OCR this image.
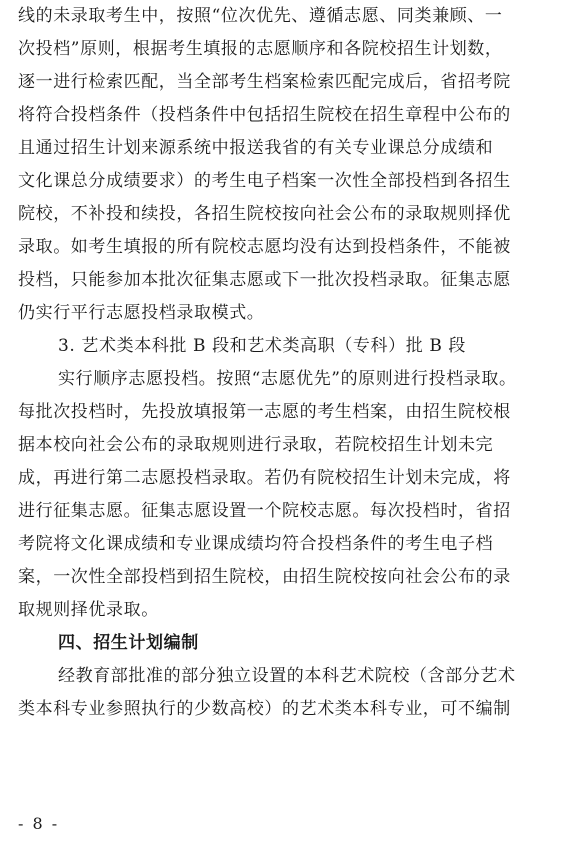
线的未录取考生中，按照“位次优先、遵循志愿、同类兼顾、一
次投档”原则，根据考生填报的志愿顺序和各院校招生计划数，
逐一进行检索匹配，当全部考生档案检索匹配完成后，省招考院
将符合投档条件（投档条件中包括招生院校在招生章程中公布的
且通过招生计划来源系统中报送我省的有关专业课总分成绩和
文化课总分成绩要求）的考生电子档案一次性全部投档到各招生
院校，不补投和续投，各招生院校按向社会公布的录取规则择优
录取。如考生填报的所有院校志愿均没有达到投档条件，不能被
投档，只能参加本批次征集志愿或下一批次投档录取。征集志愿
仍实行平行志愿投档录取模式。
3. 艺术类本科批 B 段和艺术类高职（专科）批 B 段
实行顺序志愿投档。按照“志愿优先”的原则进行投档录取。
每批次投档时，先投放填报第一志愿的考生档案，由招生院校根
据本校向社会公布的录取规则进行录取，若院校招生计划未完
成，再进行第二志愿投档录取。若仍有院校招生计划未完成，将
进行征集志愿。征集志愿设置一个院校志愿。每次投档时，省招
考院将文化课成绩和专业课成绩均符合投档条件的考生电子档
案，一次性全部投档到招生院校，由招生院校按向社会公布的录
取规则择优录取。
四、招生计划编制
经教育部批准的部分独立设置的本科艺术院校（含部分艺术
类本科专业参照执行的少数高校）的艺术类本科专业，可不编制
- 8 -
